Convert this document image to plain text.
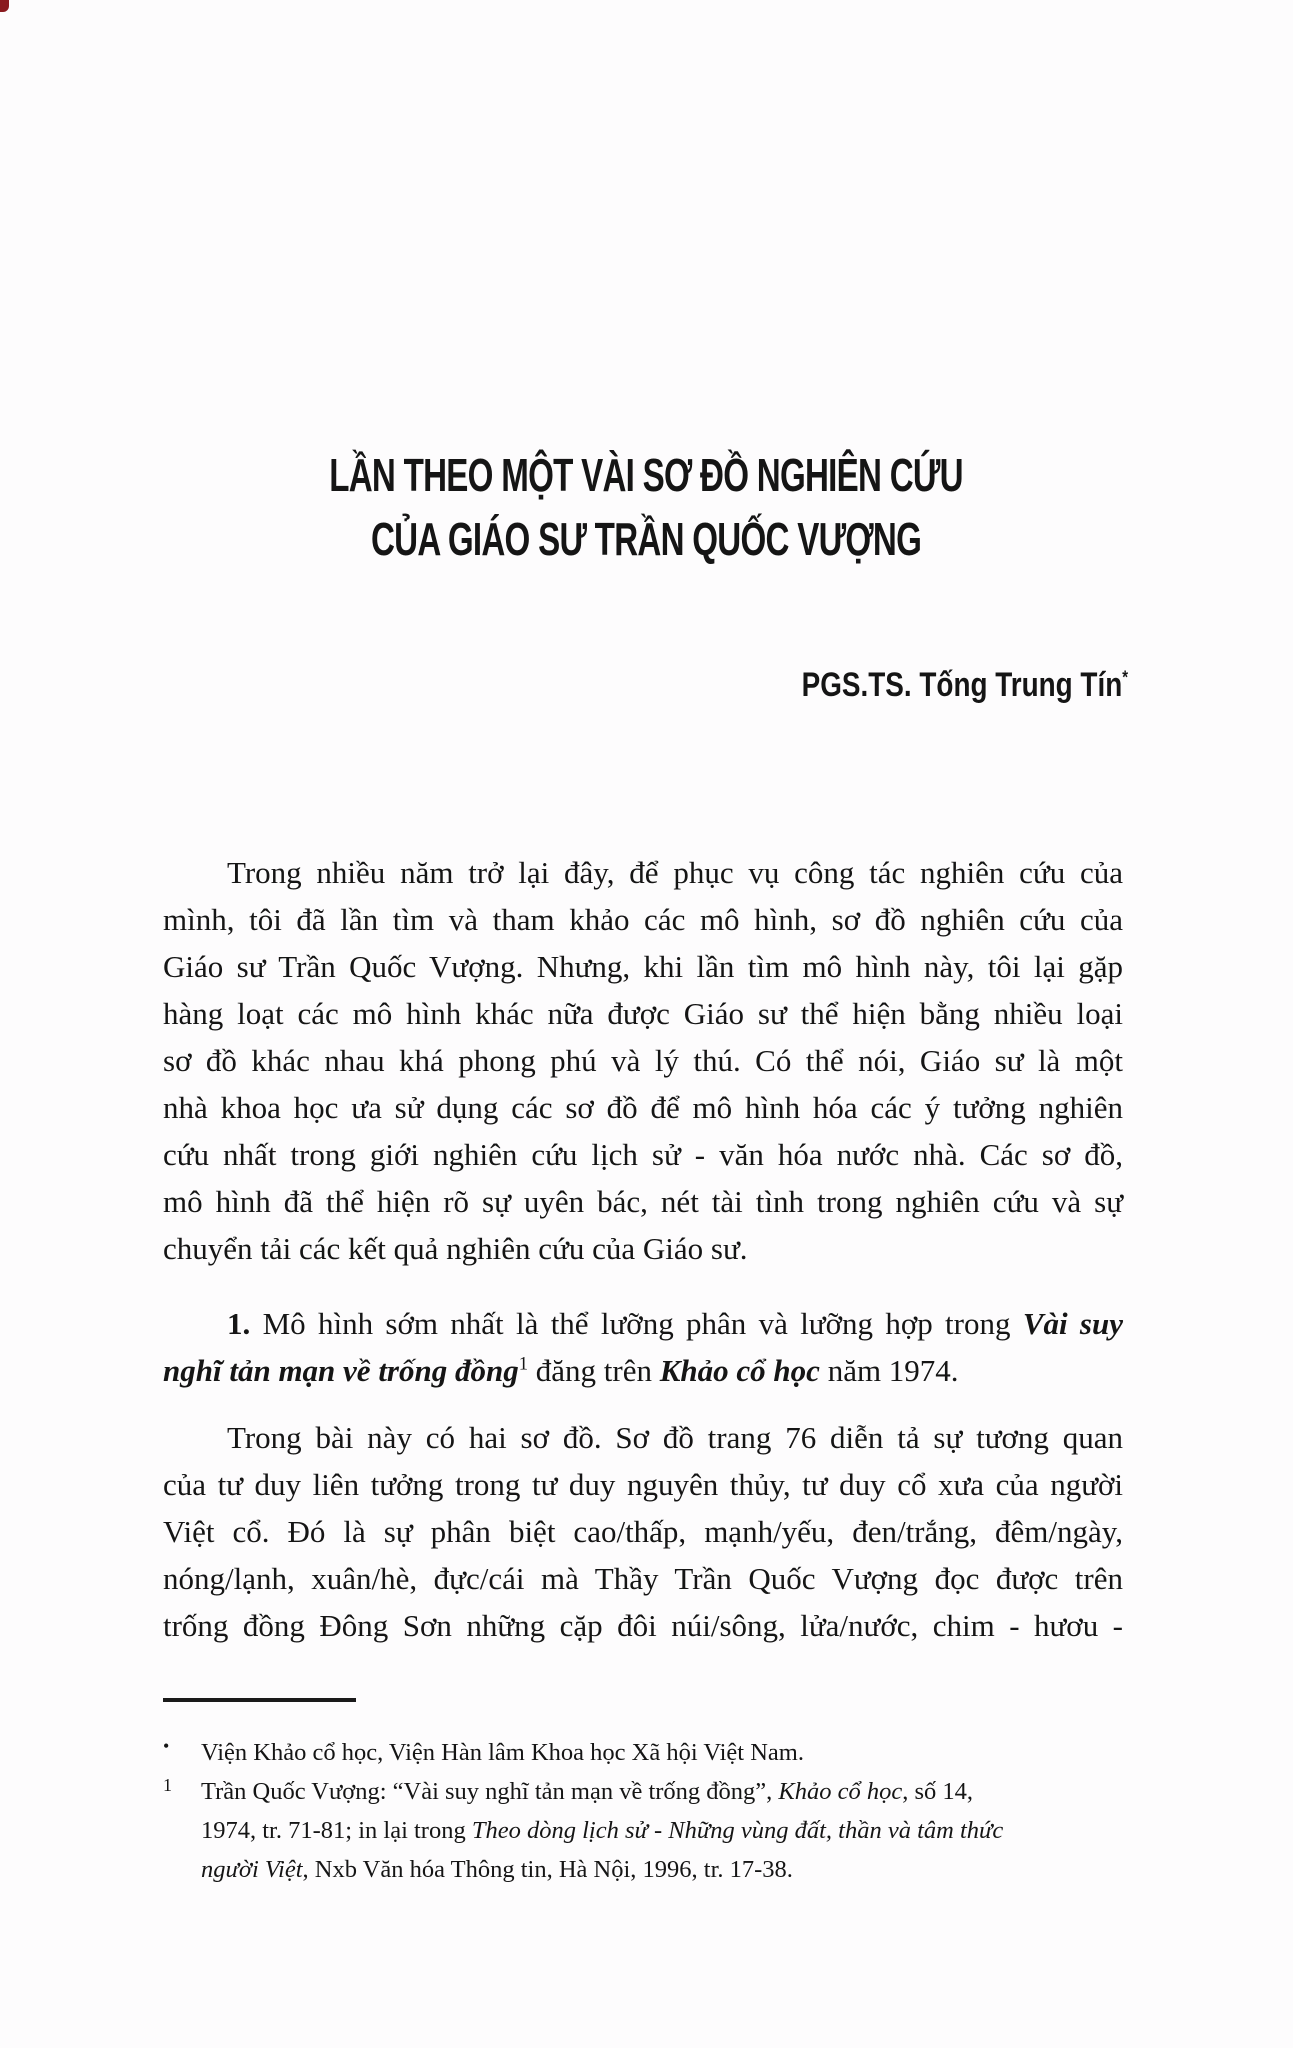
LẦN THEO MỘT VÀI SƠ ĐỒ NGHIÊN CỨU
CỦA GIÁO SƯ TRẦN QUỐC VƯỢNG
PGS.TS. Tống Trung Tín*
Trong nhiều năm trở lại đây, để phục vụ công tác nghiên cứu của
mình, tôi đã lần tìm và tham khảo các mô hình, sơ đồ nghiên cứu của
Giáo sư Trần Quốc Vượng. Nhưng, khi lần tìm mô hình này, tôi lại gặp
hàng loạt các mô hình khác nữa được Giáo sư thể hiện bằng nhiều loại
sơ đồ khác nhau khá phong phú và lý thú. Có thể nói, Giáo sư là một
nhà khoa học ưa sử dụng các sơ đồ để mô hình hóa các ý tưởng nghiên
cứu nhất trong giới nghiên cứu lịch sử - văn hóa nước nhà. Các sơ đồ,
mô hình đã thể hiện rõ sự uyên bác, nét tài tình trong nghiên cứu và sự
chuyển tải các kết quả nghiên cứu của Giáo sư.
1. Mô hình sớm nhất là thể lưỡng phân và lưỡng hợp trong Vài suy
nghĩ tản mạn về trống đồng$^1$ đăng trên Khảo cổ học năm 1974.
Trong bài này có hai sơ đồ. Sơ đồ trang 76 diễn tả sự tương quan
của tư duy liên tưởng trong tư duy nguyên thủy, tư duy cổ xưa của người
Việt cổ. Đó là sự phân biệt cao/thấp, mạnh/yếu, đen/trắng, đêm/ngày,
nóng/lạnh, xuân/hè, đực/cái mà Thầy Trần Quốc Vượng đọc được trên
trống đồng Đông Sơn những cặp đôi núi/sông, lửa/nước, chim - hươu -
• Viện Khảo cổ học, Viện Hàn lâm Khoa học Xã hội Việt Nam.
1 Trần Quốc Vượng: “Vài suy nghĩ tản mạn về trống đồng”, Khảo cổ học, số 14,
1974, tr. 71-81; in lại trong Theo dòng lịch sử - Những vùng đất, thần và tâm thức
người Việt, Nxb Văn hóa Thông tin, Hà Nội, 1996, tr. 17-38.
